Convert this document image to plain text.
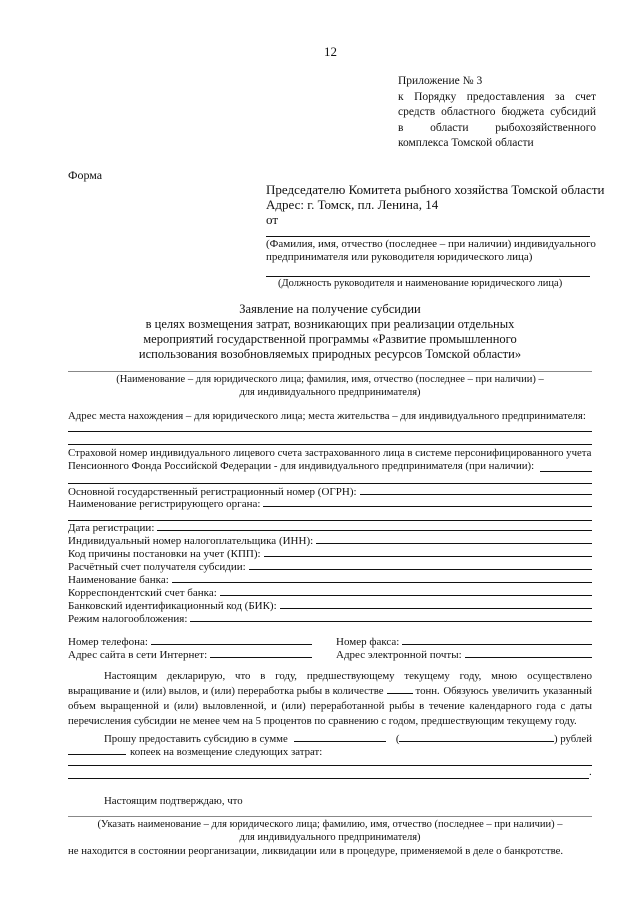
12
Приложение № 3
к Порядку предоставления за счет
средств областного бюджета субсидий
в области рыбохозяйственного
комплекса Томской области
Форма
Председателю Комитета рыбного хозяйства Томской области
Адрес: г. Томск, пл. Ленина, 14
от
(Фамилия, имя, отчество (последнее – при наличии) индивидуального
предпринимателя или руководителя юридического лица)
(Должность руководителя и наименование юридического лица)
Заявление на получение субсидии
в целях возмещения затрат, возникающих при реализации отдельных
мероприятий государственной программы «Развитие промышленного
использования возобновляемых природных ресурсов Томской области»
(Наименование – для юридического лица; фамилия, имя, отчество (последнее – при наличии) –
для индивидуального предпринимателя)
Адрес места нахождения – для юридического лица; места жительства – для индивидуального предпринимателя:
Страховой номер индивидуального лицевого счета застрахованного лица в системе персонифицированного учета
Пенсионного Фонда Российской Федерации - для индивидуального предпринимателя (при наличии):
Основной государственный регистрационный номер (ОГРН):
Наименование регистрирующего органа:
Дата регистрации:
Индивидуальный номер налогоплательщика (ИНН):
Код причины постановки на учет (КПП):
Расчётный счет получателя субсидии:
Наименование банка:
Корреспондентский счет банка:
Банковский идентификационный код (БИК):
Режим налогообложения:
Номер телефона:	Номер факса:
Адрес сайта в сети Интернет:	Адрес электронной почты:
Настоящим декларирую, что в году, предшествующему текущему году, мною осуществлено
выращивание и (или) вылов, и (или) переработка рыбы в количестве	тонн. Обязуюсь увеличить указанный
объем выращенной и (или) выловленной, и (или) переработанной рыбы в течение календарного года с даты
перечисления субсидии не менее чем на 5 процентов по сравнению с годом, предшествующим текущему году.
Прошу предоставить субсидию в сумме	(	) рублей
копеек на возмещение следующих затрат:
.
Настоящим подтверждаю, что
(Указать наименование – для юридического лица; фамилию, имя, отчество (последнее – при наличии) –
для индивидуального предпринимателя)
не находится в состоянии реорганизации, ликвидации или в процедуре, применяемой в деле о банкротстве.
